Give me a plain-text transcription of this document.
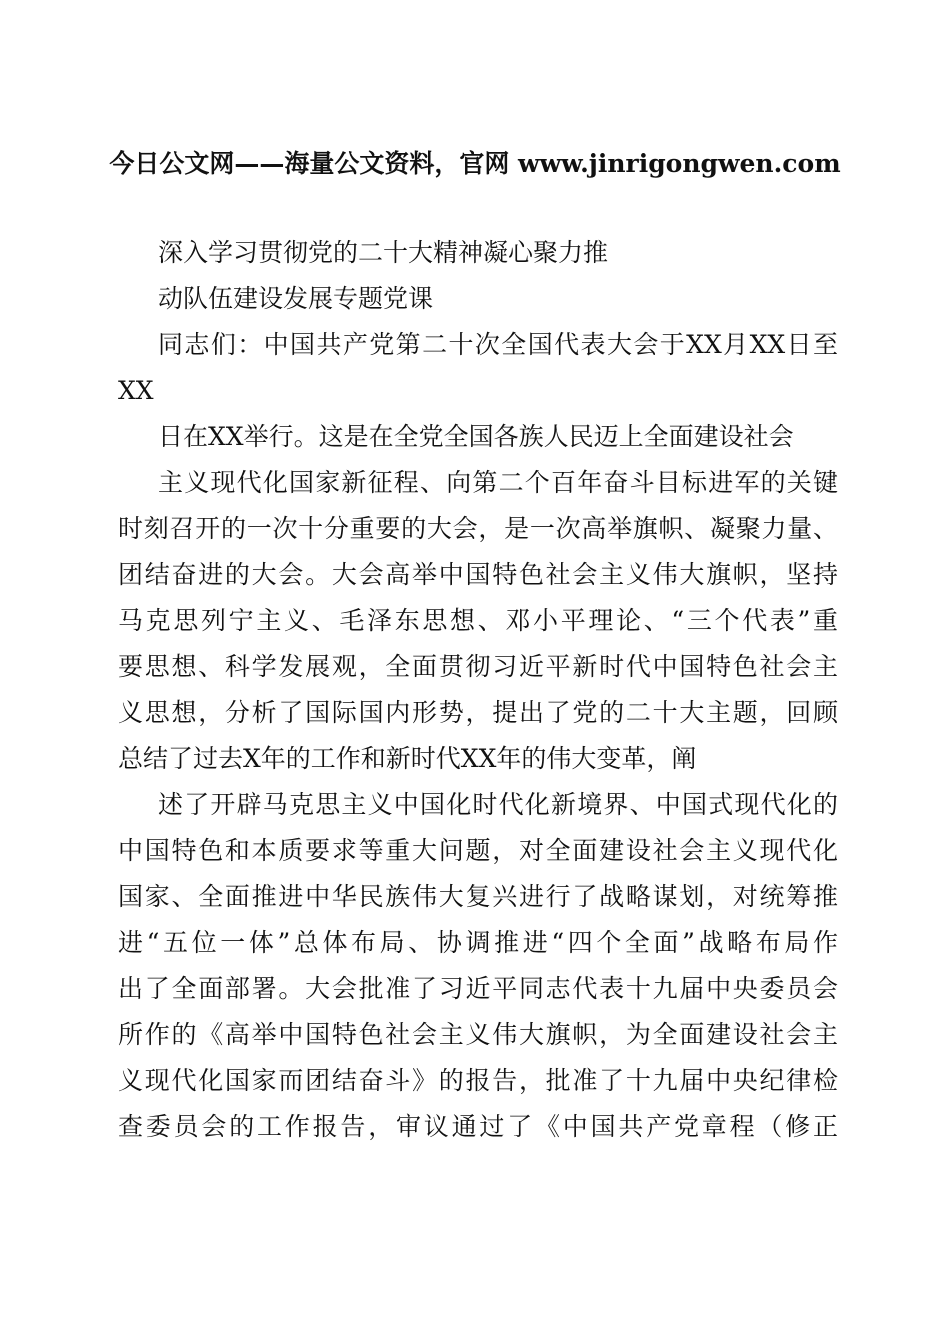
今日公文网——海量公文资料，官网 www.jinrigongwen.com
深入学习贯彻党的二十大精神凝心聚力推
动队伍建设发展专题党课
同志们：中国共产党第二十次全国代表大会于XX月XX日至
XX
日在XX举行。这是在全党全国各族人民迈上全面建设社会
主义现代化国家新征程、向第二个百年奋斗目标进军的关键
时刻召开的一次十分重要的大会，是一次高举旗帜、凝聚力量、
团结奋进的大会。大会高举中国特色社会主义伟大旗帜，坚持
马克思列宁主义、毛泽东思想、邓小平理论、“三个代表”重
要思想、科学发展观，全面贯彻习近平新时代中国特色社会主
义思想，分析了国际国内形势，提出了党的二十大主题，回顾
总结了过去X年的工作和新时代XX年的伟大变革，阐
述了开辟马克思主义中国化时代化新境界、中国式现代化的
中国特色和本质要求等重大问题，对全面建设社会主义现代化
国家、全面推进中华民族伟大复兴进行了战略谋划，对统筹推
进“五位一体”总体布局、协调推进“四个全面”战略布局作
出了全面部署。大会批准了习近平同志代表十九届中央委员会
所作的《高举中国特色社会主义伟大旗帜，为全面建设社会主
义现代化国家而团结奋斗》的报告，批准了十九届中央纪律检
查委员会的工作报告，审议通过了《中国共产党章程（修正
